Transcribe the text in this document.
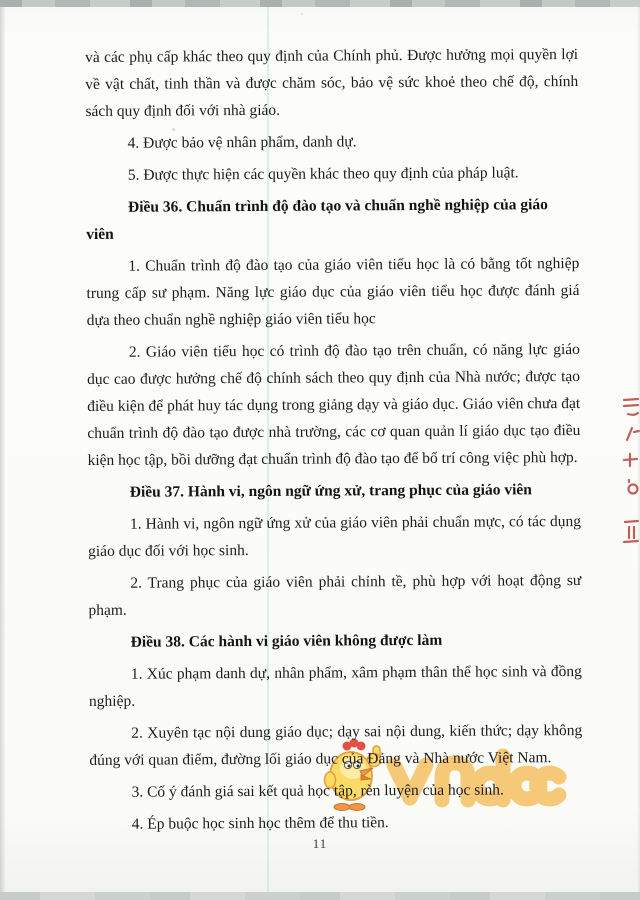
và các phụ cấp khác theo quy định của Chính phủ. Được hưởng mọi quyền lợi về vật chất, tinh thần và được chăm sóc, bảo vệ sức khoẻ theo chế độ, chính sách quy định đối với nhà giáo.

4. Được bảo vệ nhân phẩm, danh dự.

5. Được thực hiện các quyền khác theo quy định của pháp luật.

Điều 36. Chuẩn trình độ đào tạo và chuẩn nghề nghiệp của giáo viên

1. Chuẩn trình độ đào tạo của giáo viên tiểu học là có bằng tốt nghiệp trung cấp sư phạm. Năng lực giáo dục của giáo viên tiểu học được đánh giá dựa theo chuẩn nghề nghiệp giáo viên tiểu học

2. Giáo viên tiểu học có trình độ đào tạo trên chuẩn, có năng lực giáo dục cao được hưởng chế độ chính sách theo quy định của Nhà nước; được tạo điều kiện để phát huy tác dụng trong giảng dạy và giáo dục. Giáo viên chưa đạt chuẩn trình độ đào tạo được nhà trường, các cơ quan quản lí giáo dục tạo điều kiện học tập, bồi dưỡng đạt chuẩn trình độ đào tạo để bố trí công việc phù hợp.

Điều 37. Hành vi, ngôn ngữ ứng xử, trang phục của giáo viên

1. Hành vi, ngôn ngữ ứng xử của giáo viên phải chuẩn mực, có tác dụng giáo dục đối với học sinh.

2. Trang phục của giáo viên phải chỉnh tề, phù hợp với hoạt động sư phạm.

Điều 38. Các hành vi giáo viên không được làm

1. Xúc phạm danh dự, nhân phẩm, xâm phạm thân thể học sinh và đồng nghiệp.

2. Xuyên tạc nội dung giáo dục; dạy sai nội dung, kiến thức; dạy không đúng với quan điểm, đường lối giáo dục của Đảng và Nhà nước Việt Nam.

3. Cố ý đánh giá sai kết quả học tập, rèn luyện của học sinh.

4. Ép buộc học sinh học thêm để thu tiền.

11
